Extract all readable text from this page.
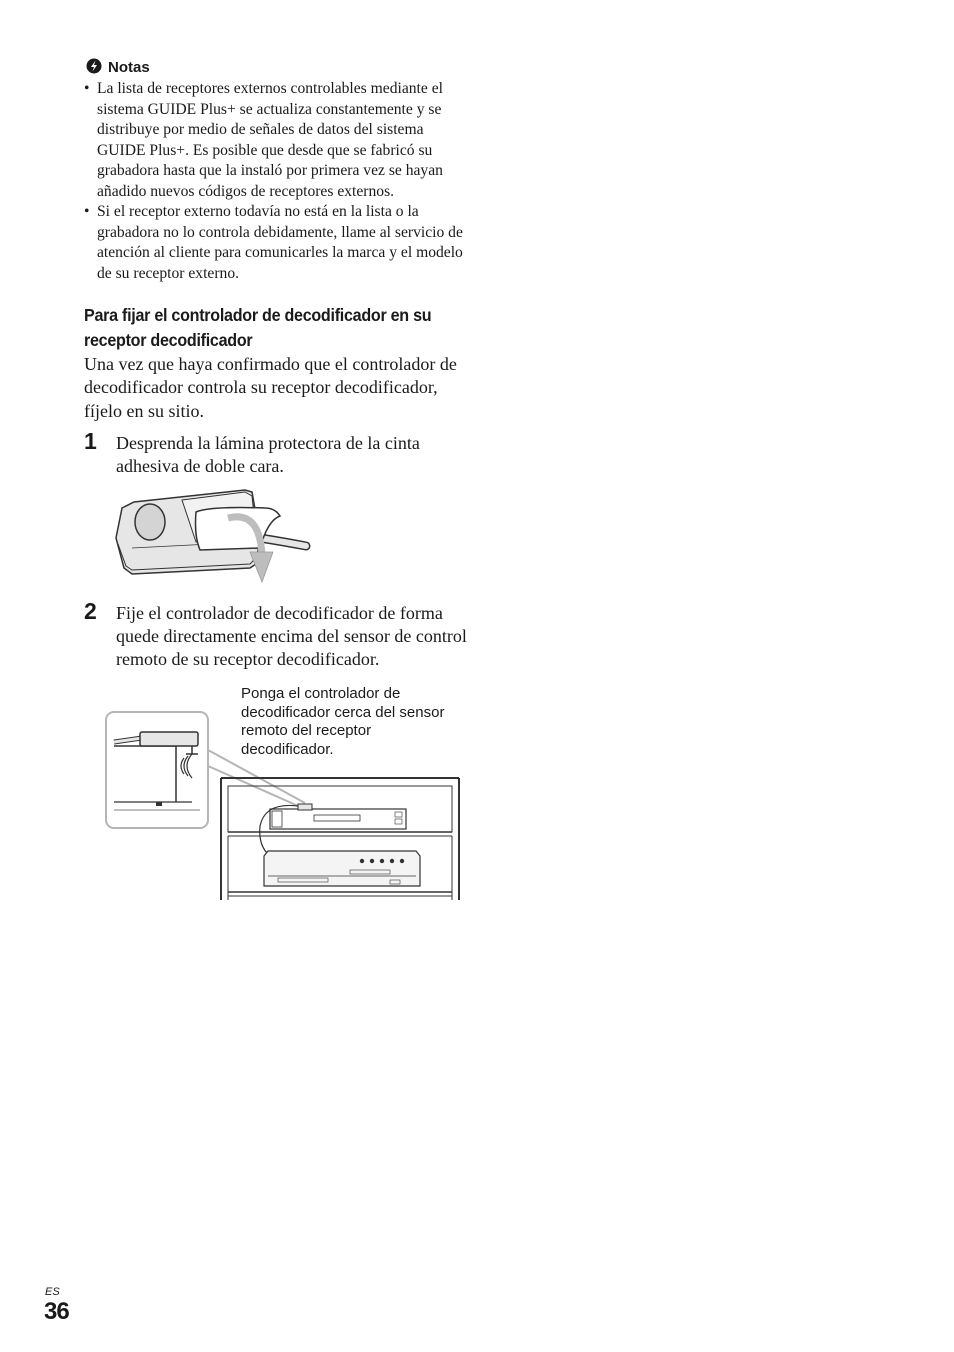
Notas
• La lista de receptores externos controlables mediante el sistema GUIDE Plus+ se actualiza constantemente y se distribuye por medio de señales de datos del sistema GUIDE Plus+. Es posible que desde que se fabricó su grabadora hasta que la instaló por primera vez se hayan añadido nuevos códigos de receptores externos.
• Si el receptor externo todavía no está en la lista o la grabadora no lo controla debidamente, llame al servicio de atención al cliente para comunicarles la marca y el modelo de su receptor externo.
Para fijar el controlador de decodificador en su receptor decodificador
Una vez que haya confirmado que el controlador de decodificador controla su receptor decodificador, fíjelo en su sitio.
1 Desprenda la lámina protectora de la cinta adhesiva de doble cara.
2 Fije el controlador de decodificador de forma quede directamente encima del sensor de control remoto de su receptor decodificador.
Ponga el controlador de decodificador cerca del sensor remoto del receptor decodificador.
ES
36
